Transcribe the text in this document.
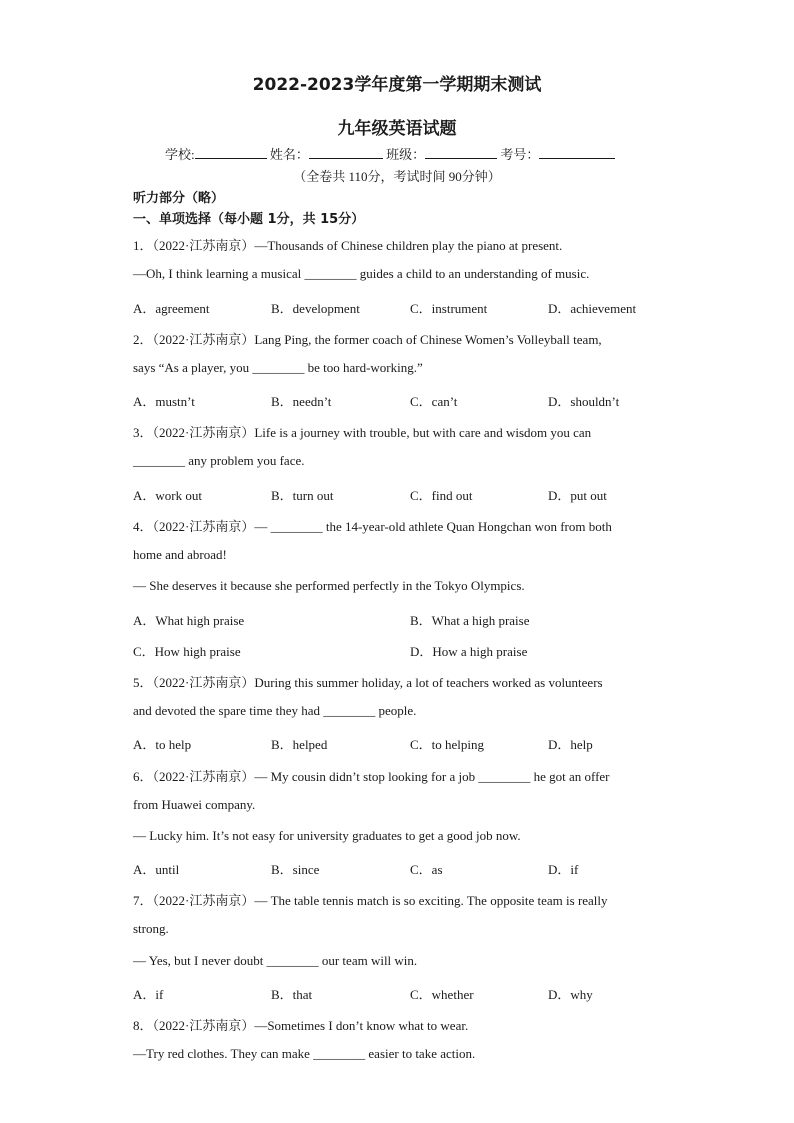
2022-2023学年度第一学期期末测试
九年级英语试题
学校:	姓名：	班级：	考号：
（全卷共 110分，考试时间 90分钟）
听力部分（略）
一、单项选择（每小题 1分，共 15分）
1．（2022·江苏南京）—Thousands of Chinese children play the piano at present.
—Oh, I think learning a musical ________ guides a child to an understanding of music.
A．agreement	B．development	C．instrument	D．achievement
2．（2022·江苏南京）Lang Ping, the former coach of Chinese Women’s Volleyball team,
says “As a player, you ________ be too hard-working.”
A．mustn’t	B．needn’t	C．can’t	D．shouldn’t
3．（2022·江苏南京）Life is a journey with trouble, but with care and wisdom you can
________ any problem you face.
A．work out	B．turn out	C．find out	D．put out
4．（2022·江苏南京）— ________ the 14-year-old athlete Quan Hongchan won from both
home and abroad!
— She deserves it because she performed perfectly in the Tokyo Olympics.
A．What high praise	B．What a high praise
C．How high praise	D．How a high praise
5．（2022·江苏南京）During this summer holiday, a lot of teachers worked as volunteers
and devoted the spare time they had ________ people.
A．to help	B．helped	C．to helping	D．help
6．（2022·江苏南京）— My cousin didn’t stop looking for a job ________ he got an offer
from Huawei company.
— Lucky him. It’s not easy for university graduates to get a good job now.
A．until	B．since	C．as	D．if
7．（2022·江苏南京）— The table tennis match is so exciting. The opposite team is really
strong.
— Yes, but I never doubt ________ our team will win.
A．if	B．that	C．whether	D．why
8．（2022·江苏南京）—Sometimes I don’t know what to wear.
—Try red clothes. They can make ________ easier to take action.
